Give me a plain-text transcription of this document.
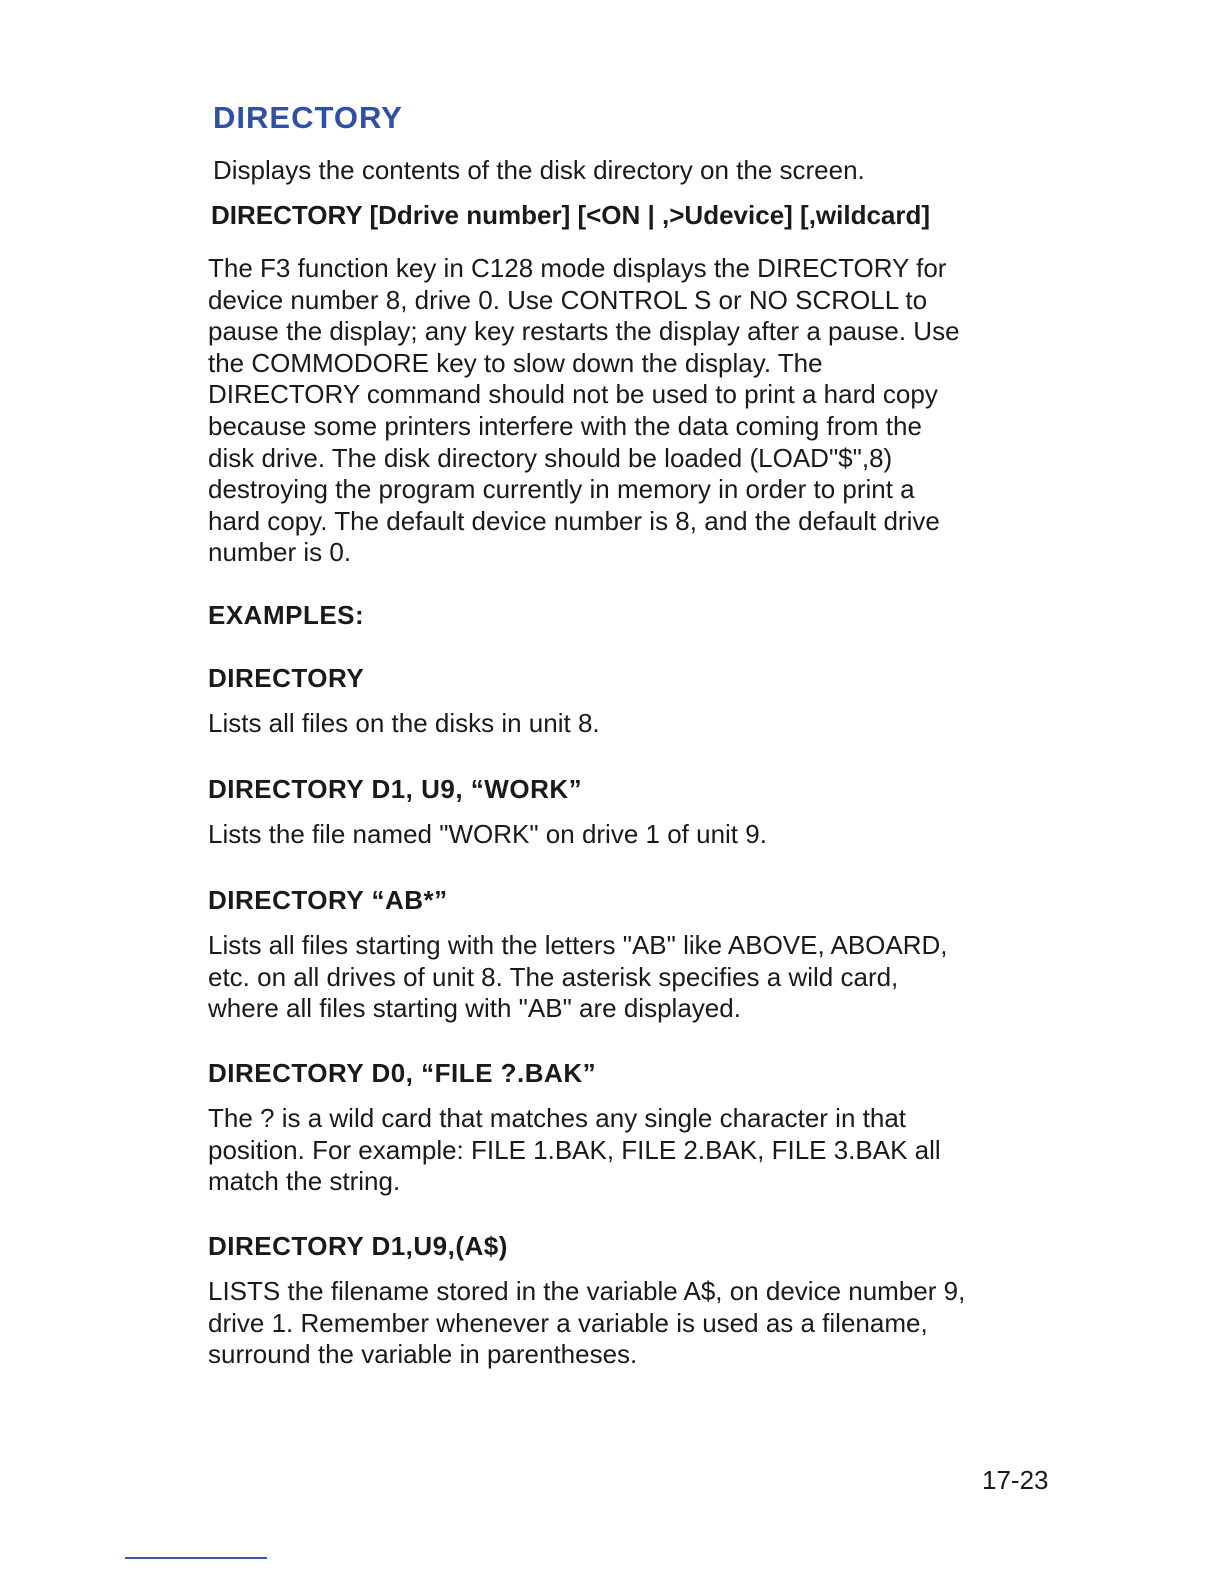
DIRECTORY

Displays the contents of the disk directory on the screen.

DIRECTORY [Ddrive number] [<ON | ,>Udevice] [,wildcard]

The F3 function key in C128 mode displays the DIRECTORY for
device number 8, drive 0. Use CONTROL S or NO SCROLL to
pause the display; any key restarts the display after a pause. Use
the COMMODORE key to slow down the display. The
DIRECTORY command should not be used to print a hard copy
because some printers interfere with the data coming from the
disk drive. The disk directory should be loaded (LOAD"$",8)
destroying the program currently in memory in order to print a
hard copy. The default device number is 8, and the default drive
number is 0.
EXAMPLES:

DIRECTORY

Lists all files on the disks in unit 8.

DIRECTORY D1, U9, “WORK”

Lists the file named "WORK" on drive 1 of unit 9.

DIRECTORY “AB*”

Lists all files starting with the letters "AB" like ABOVE, ABOARD,
etc. on all drives of unit 8. The asterisk specifies a wild card,
where all files starting with "AB" are displayed.

DIRECTORY D0, “FILE ?.BAK”

The ? is a wild card that matches any single character in that
position. For example: FILE 1.BAK, FILE 2.BAK, FILE 3.BAK all
match the string.

DIRECTORY D1,U9,(A$)

LISTS the filename stored in the variable A$, on device number 9,
drive 1. Remember whenever a variable is used as a filename,
surround the variable in parentheses.

17-23
